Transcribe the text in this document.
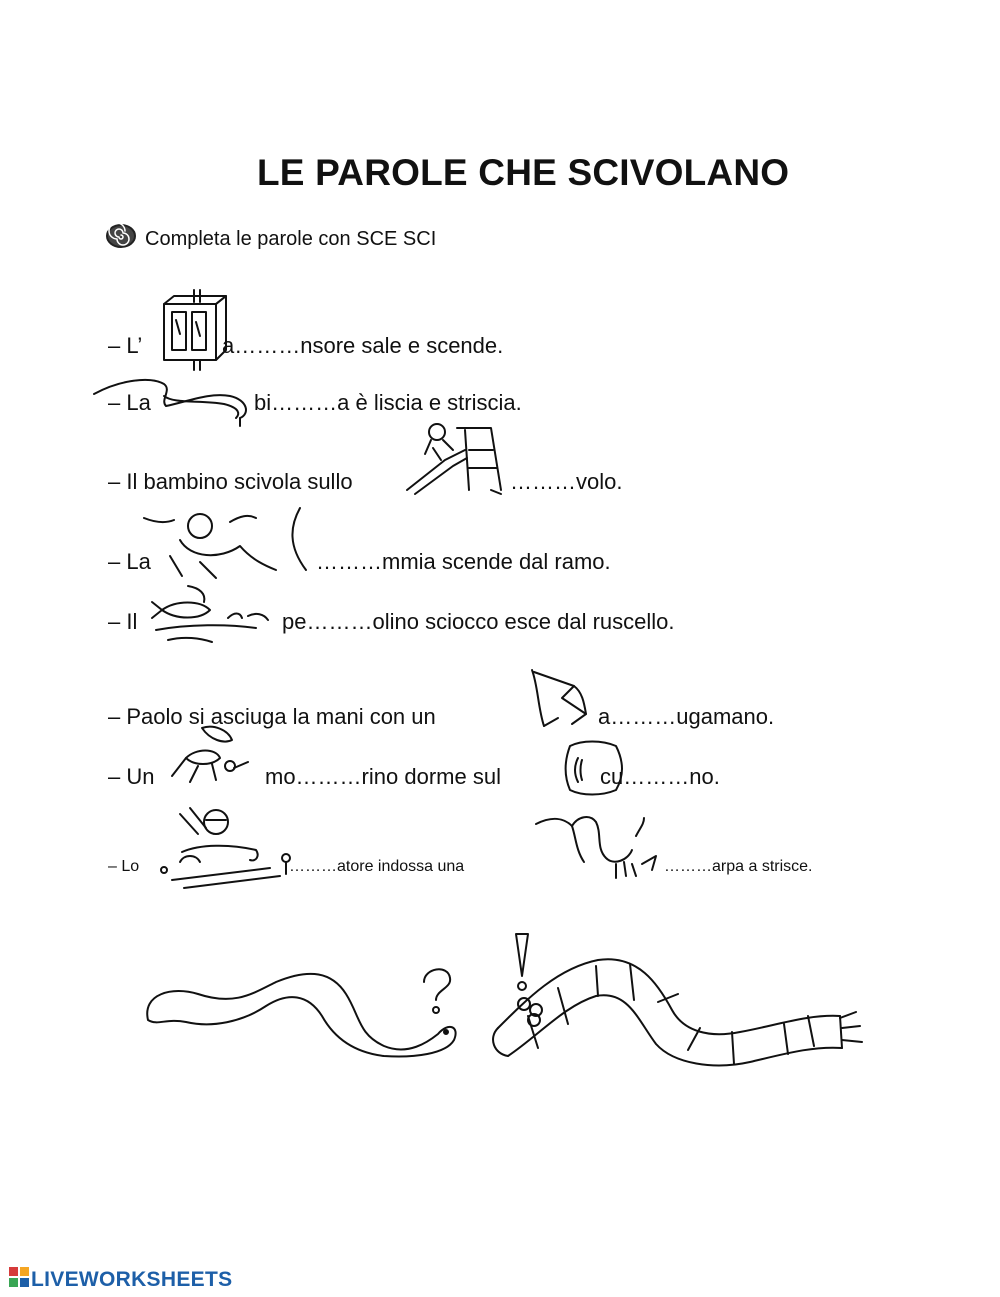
LE PAROLE CHE SCIVOLANO
Completa le parole con SCE SCI
– L’	a………nsore sale e scende.
– La	bi………a è liscia e striscia.
– Il bambino scivola sullo	………volo.
– La	………mmia scende dal ramo.
– Il	pe………olino sciocco esce dal ruscello.
– Paolo si asciuga la mani con un	a………ugamano.
– Un	mo………rino dorme sul	cu………no.
– Lo	………atore indossa una	………arpa a strisce.
LIVEWORKSHEETS
